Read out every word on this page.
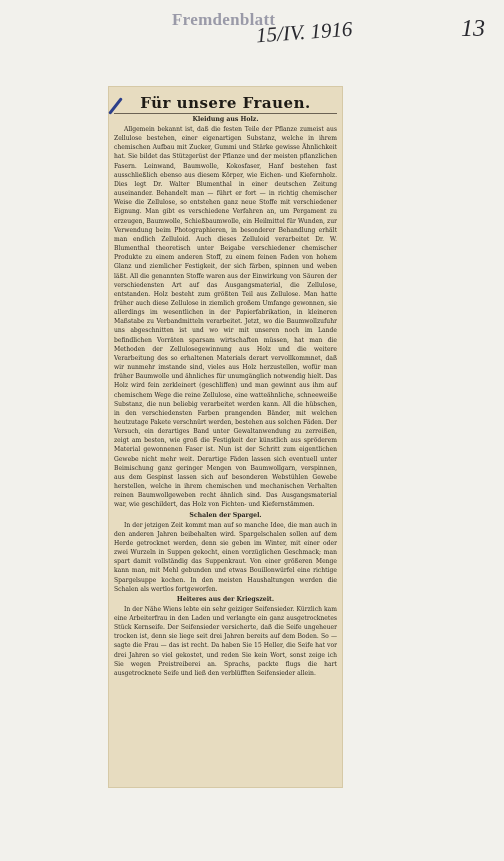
Fremdenblatt
15/IV. 1916	13
Für unsere Frauen.
Kleidung aus Holz.

Allgemein bekannt ist, daß die festen Teile der Pflanze zumeist aus Zellulose bestehen, einer eigenartigen Substanz, welche in ihrem chemischen Aufbau mit Zucker, Gummi und Stärke gewisse Ähnlichkeit hat. Sie bildet das Stützgerüst der Pflanze und der meisten pflanzlichen Fasern. Leinwand, Baumwolle, Kokosfaser, Hanf bestehen fast ausschließlich ebenso aus diesem Körper, wie Eichen- und Kiefernholz. Dies legt Dr. Walter Blumenthal in einer deutschen Zeitung auseinander. Behandelt man — führt er fort — in richtig chemischer Weise die Zellulose, so entstehen ganz neue Stoffe mit verschiedener Eignung. Man gibt es verschiedene Verfahren an, um Pergament zu erzeugen, Baumwolle, Schießbaumwolle, ein Heilmittel für Wunden, zur Verwendung beim Photographieren, in besonderer Behandlung erhält man endlich Zelluloid. Auch dieses Zelluloid verarbeitet Dr. W. Blumenthal theoretisch unter Beigabe verschiedener chemischer Produkte zu einem anderen Stoff, zu einem feinen Faden von hohem Glanz und ziemlicher Festigkeit, der sich färben, spinnen und weben läßt. All die genannten Stoffe waren aus der Einwirkung von Säuren der verschiedensten Art auf das Ausgangsmaterial, die Zellulose, entstanden. Holz besteht zum größten Teil aus Zellulose. Man hatte früher auch diese Zellulose in ziemlich großem Umfange gewonnen, sie allerdings im wesentlichen in der Papierfabrikation, in kleineren Maßstabe zu Verbandmitteln verarbeitet. Jetzt, wo die Baumwollzufuhr uns abgeschnitten ist und wo wir mit unseren noch im Lande befindlichen Vorräten sparsam wirtschaften müssen, hat man die Methoden der Zellulosegewinnung aus Holz und die weitere Verarbeitung des so erhaltenen Materials derart vervollkommnet, daß wir nunmehr imstande sind, vieles aus Holz herzustellen, wofür man früher Baumwolle und ähnliches für unumgänglich notwendig hielt. Das Holz wird fein zerkleinert (geschliffen) und man gewinnt aus ihm auf chemischem Wege die reine Zellulose, eine watteähnliche, schneeweiße Substanz, die nun beliebig verarbeitet werden kann. All die hübschen, in den verschiedensten Farben prangenden Bänder, mit welchen heutzutage Pakete verschnürt werden, bestehen aus solchen Fäden. Der Versuch, ein derartiges Band unter Gewaltanwendung zu zerreißen, zeigt am besten, wie groß die Festigkeit der künstlich aus spröderem Material gewonnenen Faser ist. Nun ist der Schritt zum eigentlichen Gewebe nicht mehr weit. Derartige Fäden lassen sich eventuell unter Beimischung ganz geringer Mengen von Baumwollgarn, verspinnen, aus dem Gespinst lassen sich auf besonderen Webstühlen Gewebe herstellen, welche in ihrem chemischen und mechanischen Verhalten reinen Baumwollgeweben recht ähnlich sind. Das Ausgangsmaterial war, wie geschildert, das Holz von Fichten- und Kiefernstämmen.

Schalen der Spargel.

In der jetzigen Zeit kommt man auf so manche Idee, die man auch in den anderen Jahren beibehalten wird. Spargelschalen sollen auf dem Herde getrocknet werden, denn sie geben im Winter, mit einer oder zwei Wurzeln in Suppen gekocht, einen vorzüglichen Geschmack; man spart damit vollständig das Suppenkraut. Von einer größeren Menge kann man, mit Mehl gebunden und etwas Bouillonwürfel eine richtige Spargelsuppe kochen. In den meisten Haushaltungen werden die Schalen als wertlos fortgeworfen.

Heiteres aus der Kriegszeit.

In der Nähe Wiens lebte ein sehr geiziger Seifensieder. Kürzlich kam eine Arbeiterfrau in den Laden und verlangte ein ganz ausgetrocknetes Stück Kernseife. Der Seifensieder versicherte, daß die Seife ungeheuer trocken ist, denn sie liege seit drei Jahren bereits auf dem Boden. So — sagte die Frau — das ist recht. Da haben Sie 15 Heller, die Seife hat vor drei Jahren so viel gekostet, und reden Sie kein Wort, sonst zeige ich Sie wegen Preistreiberei an. Sprachs, packte flugs die hart ausgetrocknete Seife und ließ den verblüfften Seifensieder allein.
